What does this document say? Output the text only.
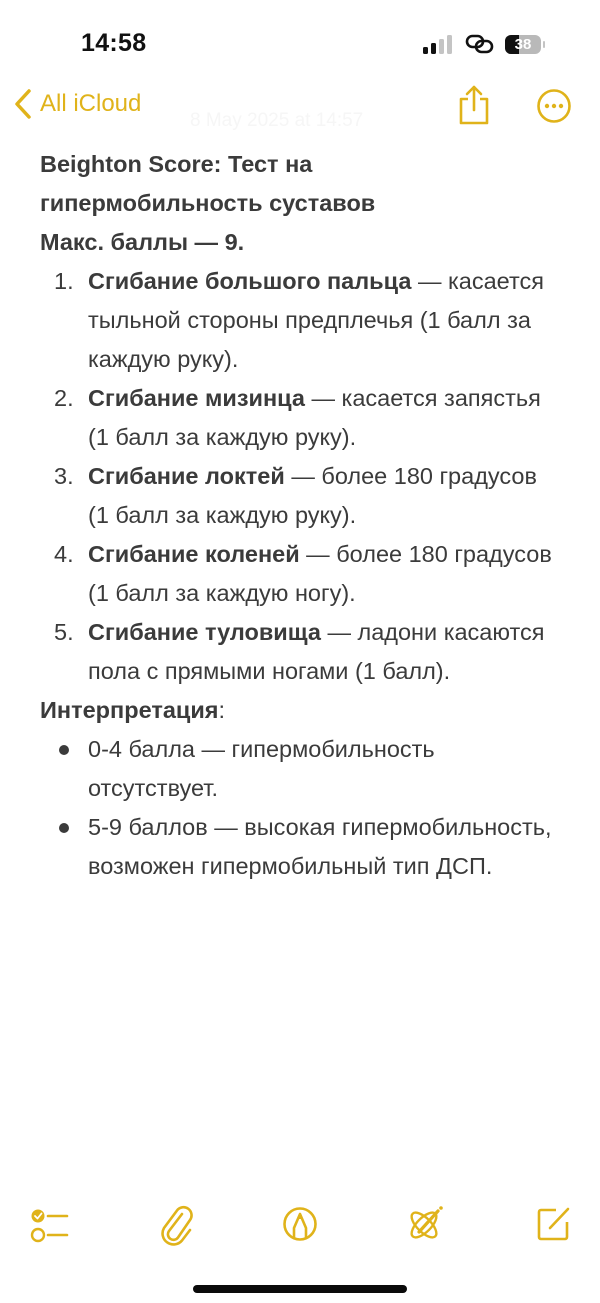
14:58	38
All iCloud
8 May 2025 at 14:57
Beighton Score: Тест на
гипермобильность суставов
Макс. баллы — 9.
1. Сгибание большого пальца — касается тыльной стороны предплечья (1 балл за каждую руку).
2. Сгибание мизинца — касается запястья (1 балл за каждую руку).
3. Сгибание локтей — более 180 градусов (1 балл за каждую руку).
4. Сгибание коленей — более 180 градусов (1 балл за каждую ногу).
5. Сгибание туловища — ладони касаются пола с прямыми ногами (1 балл).
Интерпретация:
0-4 балла — гипермобильность отсутствует.
5-9 баллов — высокая гипермобильность, возможен гипермобильный тип ДСП.
